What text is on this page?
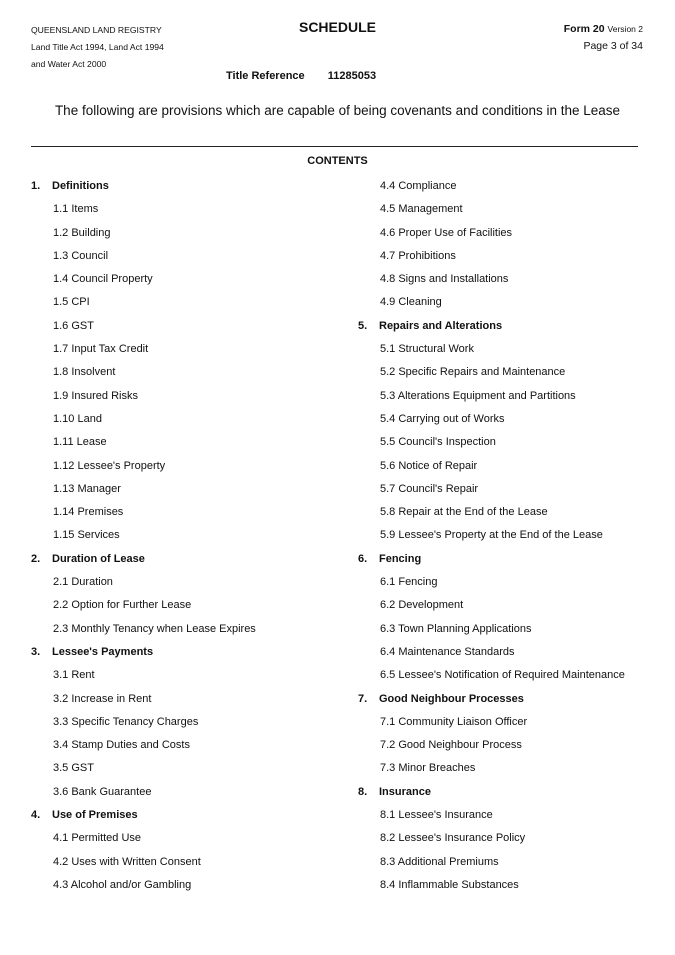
QUEENSLAND LAND REGISTRY
Land Title Act 1994, Land Act 1994
and Water Act 2000
SCHEDULE	Form 20 Version 2
Page 3 of 34
Title Reference 11285053
The following are provisions which are capable of being covenants and conditions in the Lease
CONTENTS
1. Definitions
1.1 Items
1.2 Building
1.3 Council
1.4 Council Property
1.5 CPI
1.6 GST
1.7 Input Tax Credit
1.8 Insolvent
1.9 Insured Risks
1.10 Land
1.11 Lease
1.12 Lessee's Property
1.13 Manager
1.14 Premises
1.15 Services
2. Duration of Lease
2.1 Duration
2.2 Option for Further Lease
2.3 Monthly Tenancy when Lease Expires
3. Lessee's Payments
3.1 Rent
3.2 Increase in Rent
3.3 Specific Tenancy Charges
3.4 Stamp Duties and Costs
3.5 GST
3.6 Bank Guarantee
4. Use of Premises
4.1 Permitted Use
4.2 Uses with Written Consent
4.3 Alcohol and/or Gambling
4.4 Compliance
4.5 Management
4.6 Proper Use of Facilities
4.7 Prohibitions
4.8 Signs and Installations
4.9 Cleaning
5. Repairs and Alterations
5.1 Structural Work
5.2 Specific Repairs and Maintenance
5.3 Alterations Equipment and Partitions
5.4 Carrying out of Works
5.5 Council's Inspection
5.6 Notice of Repair
5.7 Council's Repair
5.8 Repair at the End of the Lease
5.9 Lessee's Property at the End of the Lease
6. Fencing
6.1 Fencing
6.2 Development
6.3 Town Planning Applications
6.4 Maintenance Standards
6.5 Lessee's Notification of Required Maintenance
7. Good Neighbour Processes
7.1 Community Liaison Officer
7.2 Good Neighbour Process
7.3 Minor Breaches
8. Insurance
8.1 Lessee's Insurance
8.2 Lessee's Insurance Policy
8.3 Additional Premiums
8.4 Inflammable Substances
